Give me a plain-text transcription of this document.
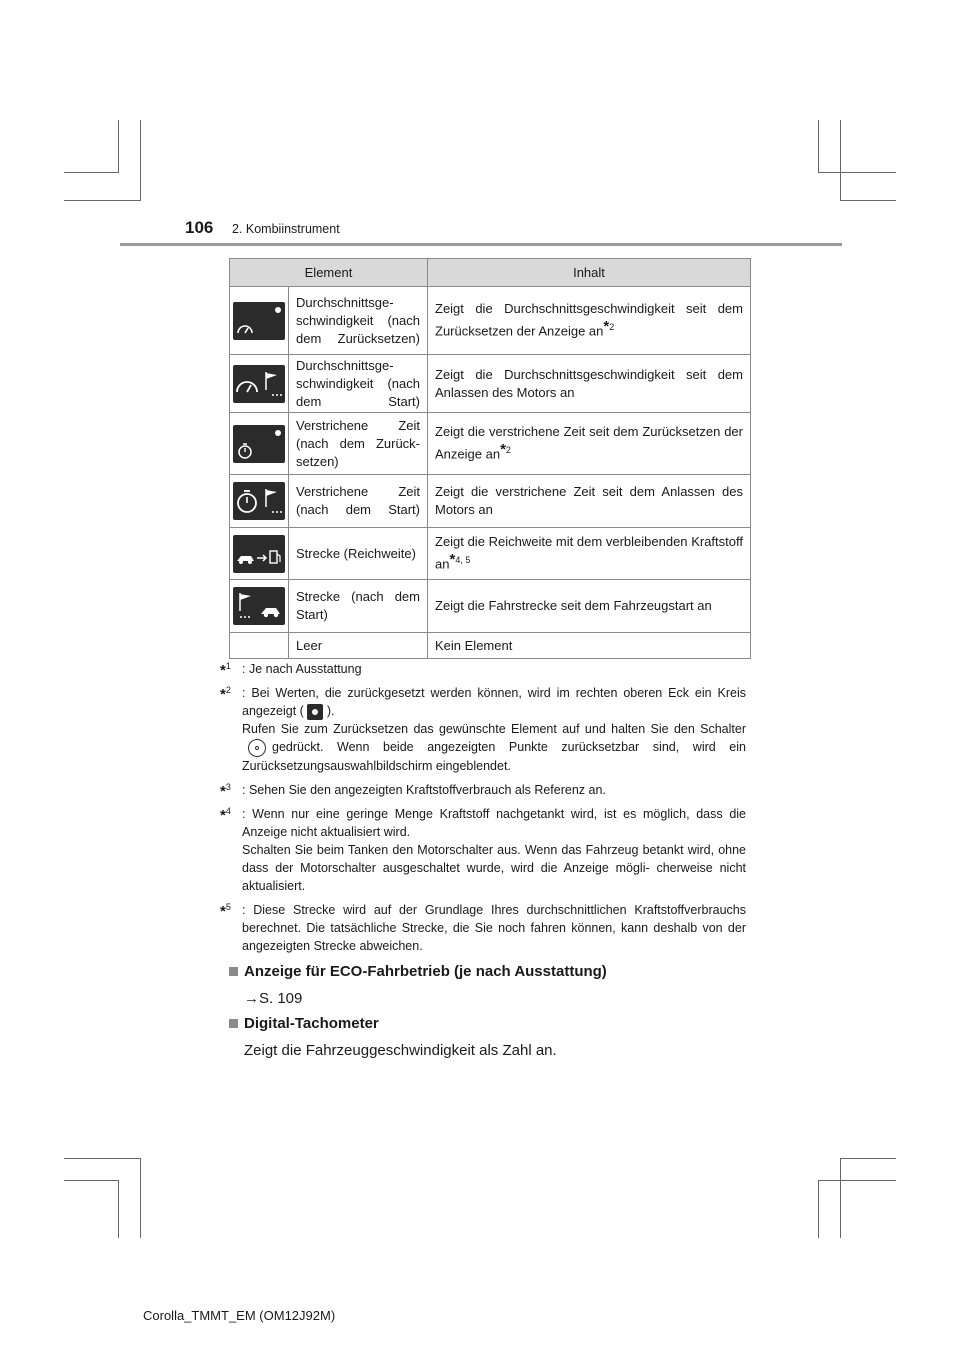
106 2. Kombiinstrument
Element		Inhalt
	Durchschnittsge- schwindigkeit (nach dem Zurücksetzen)	Zeigt die Durchschnittsgeschwindigkeit seit dem Zurücksetzen der Anzeige an*$^2$

	Durchschnittsge- schwindigkeit (nach dem Start)	Zeigt die Durchschnittsgeschwindigkeit seit dem Anlassen des Motors an

	Verstrichene Zeit (nach dem Zurück- setzen)	Zeigt die verstrichene Zeit seit dem Zurücksetzen der Anzeige an*$^2$

	Verstrichene Zeit (nach dem Start)	Zeigt die verstrichene Zeit seit dem Anlassen des Motors an

	Strecke (Reichweite)	Zeigt die Reichweite mit dem verbleibenden Kraftstoff an*$^{4, 5}$

	Strecke (nach dem Start)	Zeigt die Fahrstrecke seit dem Fahrzeugstart an

	Leer	Kein Element
*$^1$ : Je nach Ausstattung

*$^2$ : Bei Werten, die zurückgesetzt werden können, wird im rechten oberen Eck ein Kreis angezeigt ( ).

Rufen Sie zum Zurücksetzen das gewünschte Element auf und halten Sie den Schaltergedrückt. Wenn beide angezeigten Punkte zurücksetzbar sind, wird ein Zurücksetzungsauswahlbildschirm eingeblendet.

*$^3$ : Sehen Sie den angezeigten Kraftstoffverbrauch als Referenz an.

*$^4$ : Wenn nur eine geringe Menge Kraftstoff nachgetankt wird, ist es möglich, dass die Anzeige nicht aktualisiert wird.

Schalten Sie beim Tanken den Motorschalter aus. Wenn das Fahrzeug betankt wird, ohne dass der Motorschalter ausgeschaltet wurde, wird die Anzeige mögli- cherweise nicht aktualisiert.

*$^5$ : Diese Strecke wird auf der Grundlage Ihres durchschnittlichen Kraftstoffverbrauchs berechnet. Die tatsächliche Strecke, die Sie noch fahren können, kann deshalb von der angezeigten Strecke abweichen.

Anzeige für ECO-Fahrbetrieb (je nach Ausstattung)
→S. 109
Digital-Tachometer
Zeigt die Fahrzeuggeschwindigkeit als Zahl an.
Corolla_TMMT_EM (OM12J92M)
